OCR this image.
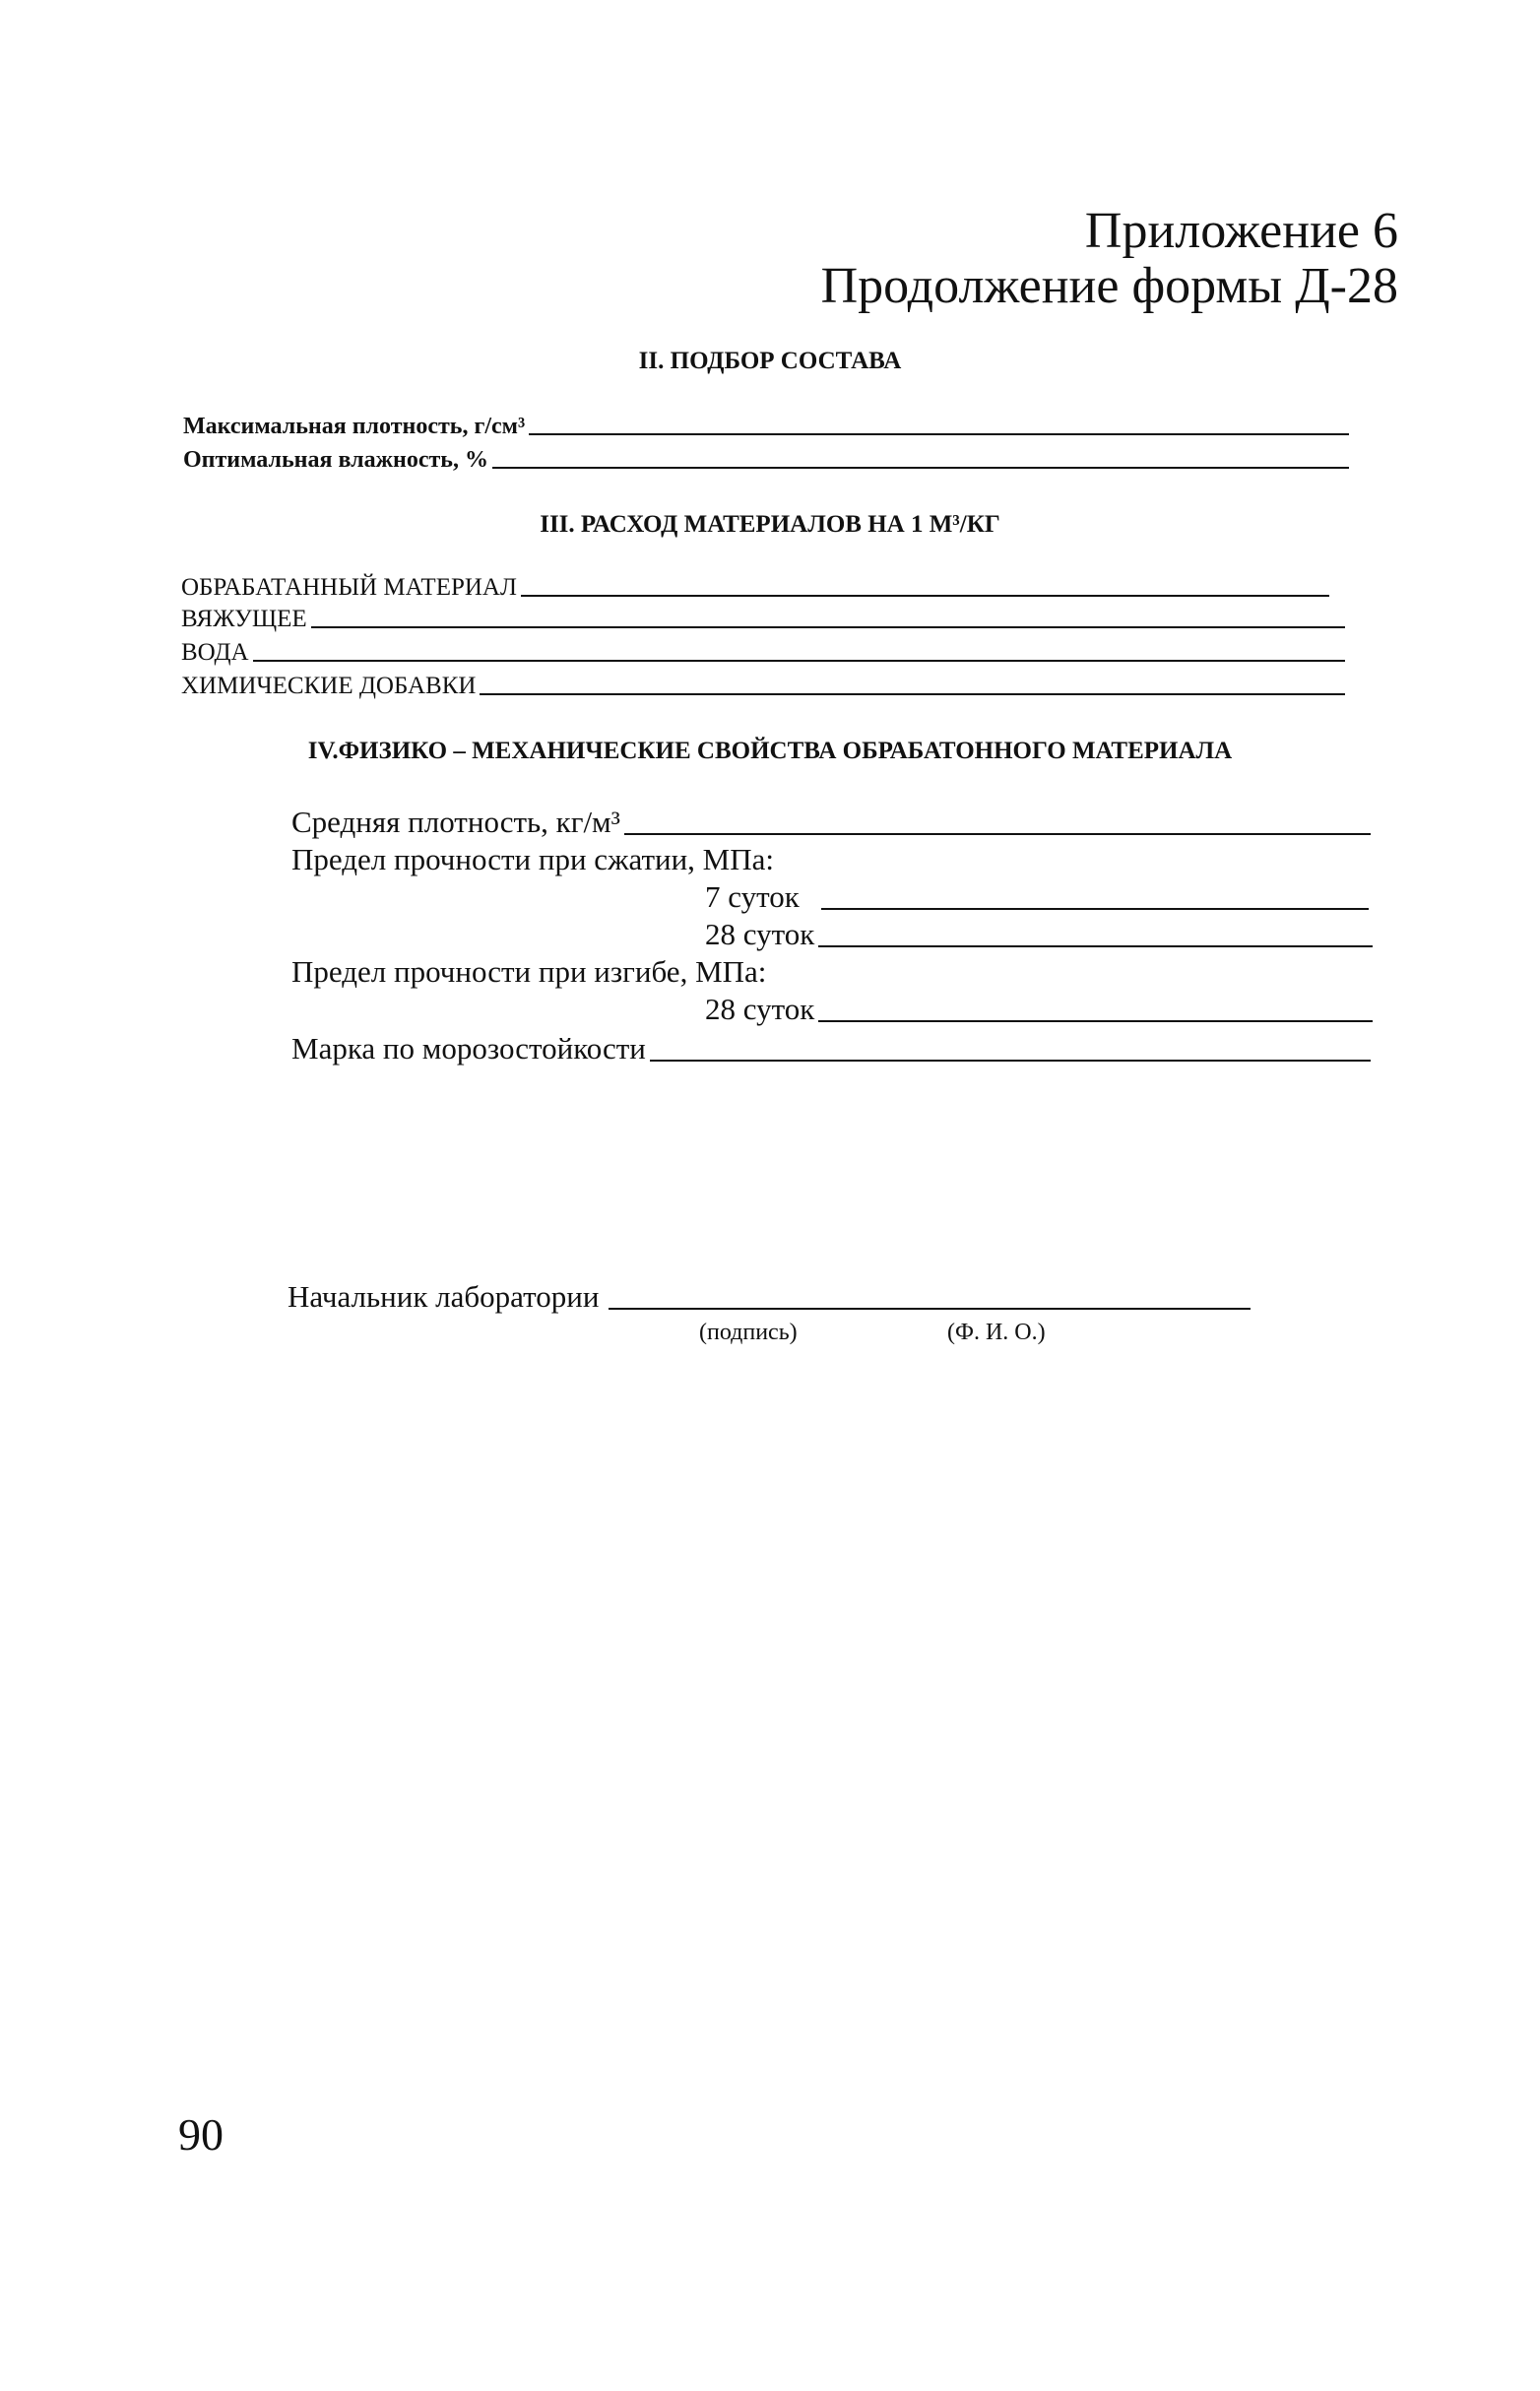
Приложение 6
Продолжение формы Д-28
II. ПОДБОР СОСТАВА
Максимальная плотность, г/см³
Оптимальная влажность, %
III. РАСХОД МАТЕРИАЛОВ НА 1 М³/КГ
ОБРАБАТАННЫЙ МАТЕРИАЛ
ВЯЖУЩЕЕ
ВОДА
ХИМИЧЕСКИЕ ДОБАВКИ
IV.ФИЗИКО – МЕХАНИЧЕСКИЕ СВОЙСТВА ОБРАБАТОННОГО МАТЕРИАЛА
Средняя плотность, кг/м³
Предел прочности при сжатии, МПа:
7 суток
28 суток
Предел прочности при изгибе, МПа:
28 суток
Марка по морозостойкости
Начальник лаборатории
(подпись)	(Ф. И. О.)
90
